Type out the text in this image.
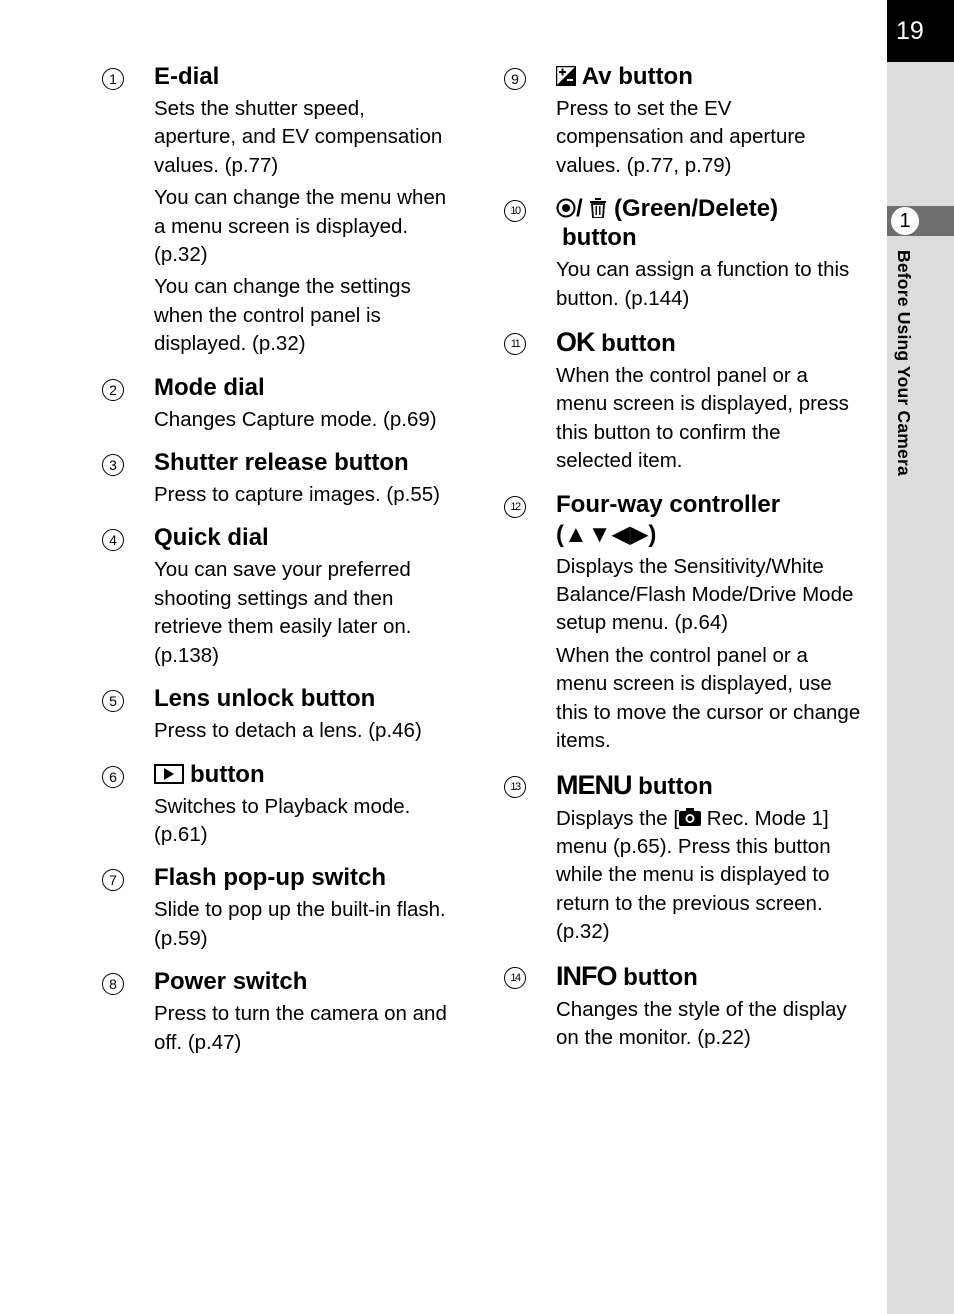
19
1
Before Using Your Camera
1 E-dial
Sets the shutter speed, aperture, and EV compensation values. (p.77)
You can change the menu when a menu screen is displayed. (p.32)
You can change the settings when the control panel is displayed. (p.32)
2 Mode dial
Changes Capture mode. (p.69)
3 Shutter release button
Press to capture images. (p.55)
4 Quick dial
You can save your preferred shooting settings and then retrieve them easily later on. (p.138)
5 Lens unlock button
Press to detach a lens. (p.46)
6	button
Switches to Playback mode. (p.61)
7 Flash pop-up switch
Slide to pop up the built-in flash. (p.59)
8 Power switch
Press to turn the camera on and off. (p.47)
9	Av button
Press to set the EV compensation and aperture values. (p.77, p.79)
10	/ (Green/Delete)
button
You can assign a function to this button. (p.144)
11 OK button
When the control panel or a menu screen is displayed, press this button to confirm the selected item.
12 Four-way controller
(▲▼◀▶)
Displays the Sensitivity/White Balance/Flash Mode/Drive Mode setup menu. (p.64)
When the control panel or a menu screen is displayed, use this to move the cursor or change items.
13 MENU button
Displays the [ Rec. Mode 1] menu (p.65). Press this button while the menu is displayed to return to the previous screen. (p.32)
14 INFO button
Changes the style of the display on the monitor. (p.22)
